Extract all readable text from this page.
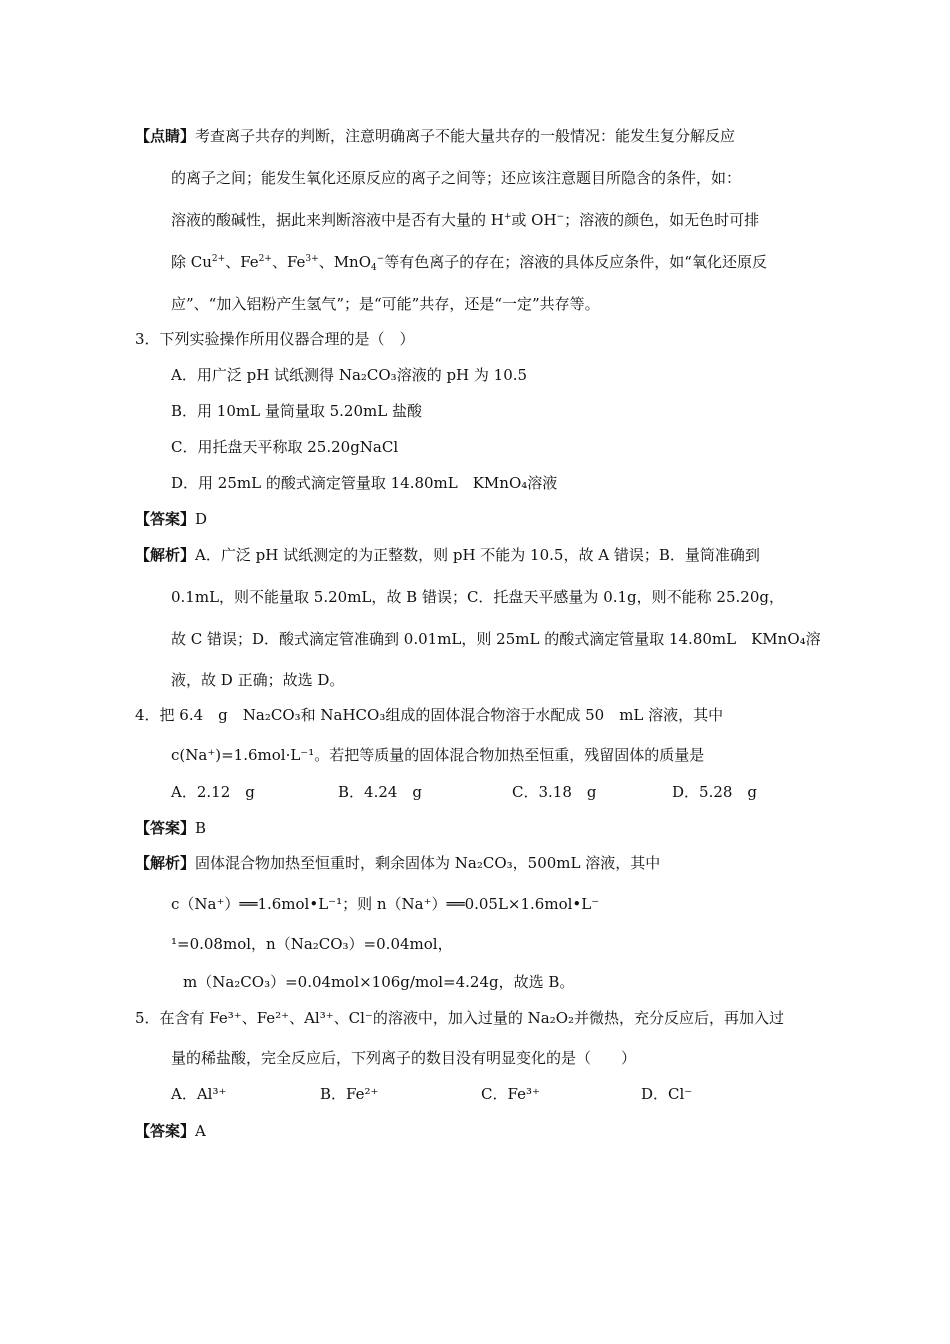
【点睛】考查离子共存的判断，注意明确离子不能大量共存的一般情况：能发生复分解反应
的离子之间；能发生氧化还原反应的离子之间等；还应该注意题目所隐含的条件，如：
溶液的酸碱性，据此来判断溶液中是否有大量的 H+或 OH−；溶液的颜色，如无色时可排
除 $Cu^{2+}$、$Fe^{2+}$、$Fe^{3+}$、MnO$_4$−等有色离子的存在；溶液的具体反应条件，如“氧化还原反
应”、“加入铝粉产生氢气”；是“可能”共存，还是“一定”共存等。
3．下列实验操作所用仪器合理的是（　）
A．用广泛 pH 试纸测得 Na₂CO₃溶液的 pH 为 10.5
B．用 10mL 量筒量取 5.20mL 盐酸
C．用托盘天平称取 25.20gNaCl
D．用 25mL 的酸式滴定管量取 14.80mL　KMnO₄溶液
【答案】D
【解析】A．广泛 pH 试纸测定的为正整数，则 pH 不能为 10.5，故 A 错误；B．量筒准确到
0.1mL，则不能量取 5.20mL，故 B 错误；C．托盘天平感量为 0.1g，则不能称 25.20g，
故 C 错误；D．酸式滴定管准确到 0.01mL，则 25mL 的酸式滴定管量取 14.80mL　KMnO₄溶
液，故 D 正确；故选 D。
4．把 6.4　g　Na₂CO₃和 NaHCO₃组成的固体混合物溶于水配成 50　mL 溶液，其中
c(Na⁺)=1.6mol·L⁻¹。若把等质量的固体混合物加热至恒重，残留固体的质量是
A．2.12　g	B．4.24　g	C．3.18　g	D．5.28　g
【答案】B
【解析】固体混合物加热至恒重时，剩余固体为 Na₂CO₃，500mL 溶液，其中
c（Na⁺）══1.6mol•L⁻¹；则 n（Na⁺）══0.05L×1.6mol•L⁻
¹=0.08mol，n（Na₂CO₃）=0.04mol，
m（Na₂CO₃）=0.04mol×106g/mol=4.24g，故选 B。
5．在含有 Fe³⁺、Fe²⁺、Al³⁺、Cl⁻的溶液中，加入过量的 Na₂O₂并微热，充分反应后，再加入过
量的稀盐酸，完全反应后，下列离子的数目没有明显变化的是（　　）
A．Al³⁺	B．Fe²⁺	C．Fe³⁺	D．Cl⁻
【答案】A
